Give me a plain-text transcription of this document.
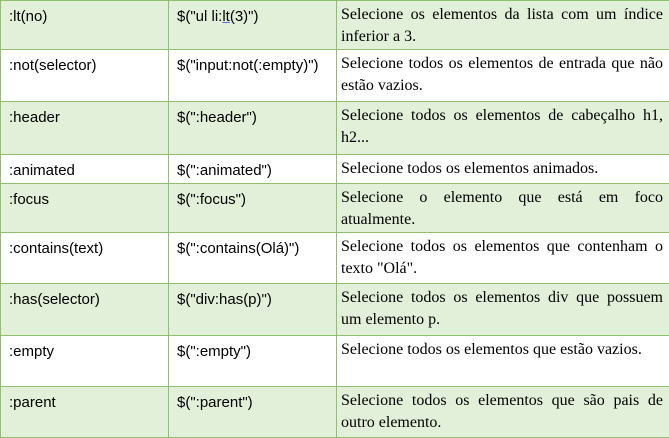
:lt(no)	$("ul li:lt(3)")	Selecione os elementos da lista com um índice inferior a 3.
:not(selector)	$("input:not(:empty)")	Selecione todos os elementos de entrada que não estão vazios.
:header	$(":header")	Selecione todos os elementos de cabeçalho h1, h2...
:animated	$(":animated")	Selecione todos os elementos animados.
:focus	$(":focus")	Selecione o elemento que está em foco atualmente.
:contains(text)	$(":contains(Olá)")	Selecione todos os elementos que contenham o texto "Olá".
:has(selector)	$("div:has(p)")	Selecione todos os elementos div que possuem um elemento p.
:empty	$(":empty")	Selecione todos os elementos que estão vazios.
:parent	$(":parent")	Selecione todos os elementos que são pais de outro elemento.
